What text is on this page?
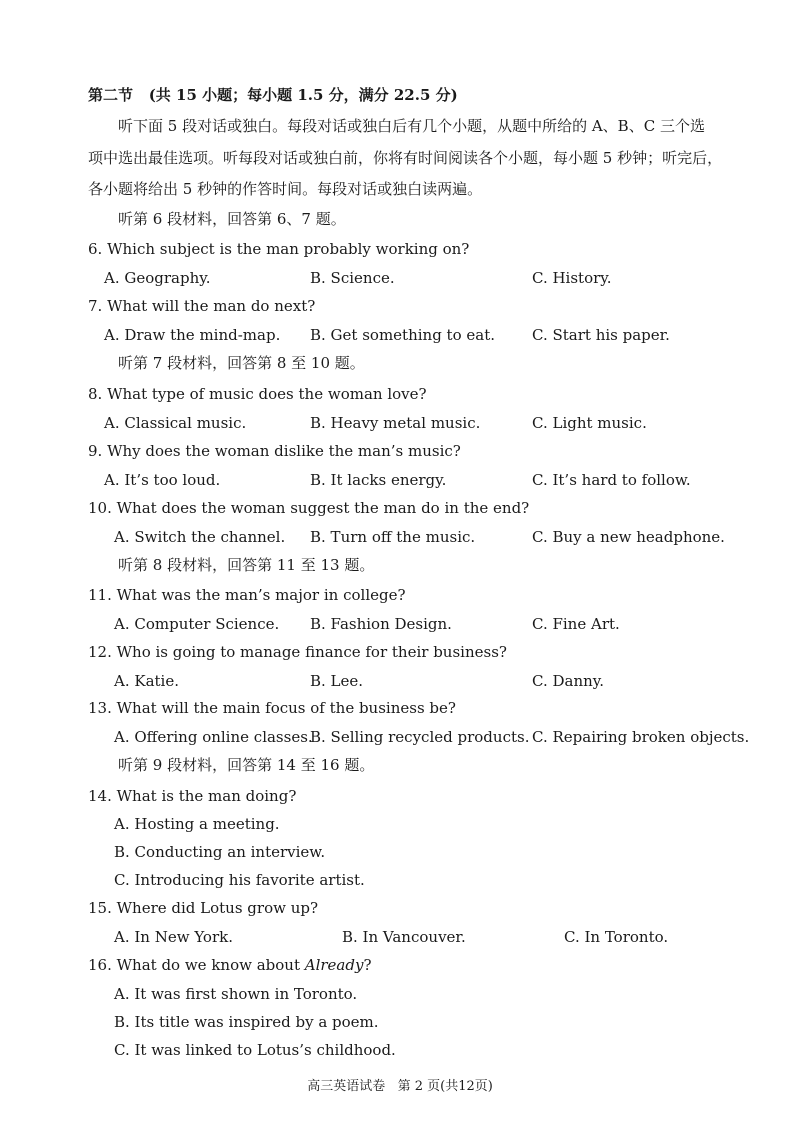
第二节 (共 15 小题；每小题 1.5 分，满分 22.5 分)
听下面 5 段对话或独白。每段对话或独白后有几个小题，从题中所给的 A、B、C 三个选
项中选出最佳选项。听每段对话或独白前，你将有时间阅读各个小题，每小题 5 秒钟；听完后，
各小题将给出 5 秒钟的作答时间。每段对话或独白读两遍。
听第 6 段材料，回答第 6、7 题。
6. Which subject is the man probably working on?
A. Geography.	B. Science.	C. History.
7. What will the man do next?
A. Draw the mind-map. B. Get something to eat. C. Start his paper.
听第 7 段材料，回答第 8 至 10 题。
8. What type of music does the woman love?
A. Classical music.	B. Heavy metal music.	C. Light music.
9. Why does the woman dislike the man’s music?
A. It’s too loud.	B. It lacks energy.	C. It’s hard to follow.
10. What does the woman suggest the man do in the end?
A. Switch the channel. B. Turn off the music.	C. Buy a new headphone.
听第 8 段材料，回答第 11 至 13 题。
11. What was the man’s major in college?
A. Computer Science. B. Fashion Design.	C. Fine Art.
12. Who is going to manage finance for their business?
A. Katie.	B. Lee.	C. Danny.
13. What will the main focus of the business be?
A. Offering online classes.
B. Selling recycled products. C. Repairing broken objects.
听第 9 段材料，回答第 14 至 16 题。
14. What is the man doing?
A. Hosting a meeting.
B. Conducting an interview.
C. Introducing his favorite artist.
15. Where did Lotus grow up?
A. In New York.	B. In Vancouver.	C. In Toronto.
16. What do we know about Already?
A. It was first shown in Toronto.
B. Its title was inspired by a poem.
C. It was linked to Lotus’s childhood.
高三英语试卷   第 2 页(共12页)
